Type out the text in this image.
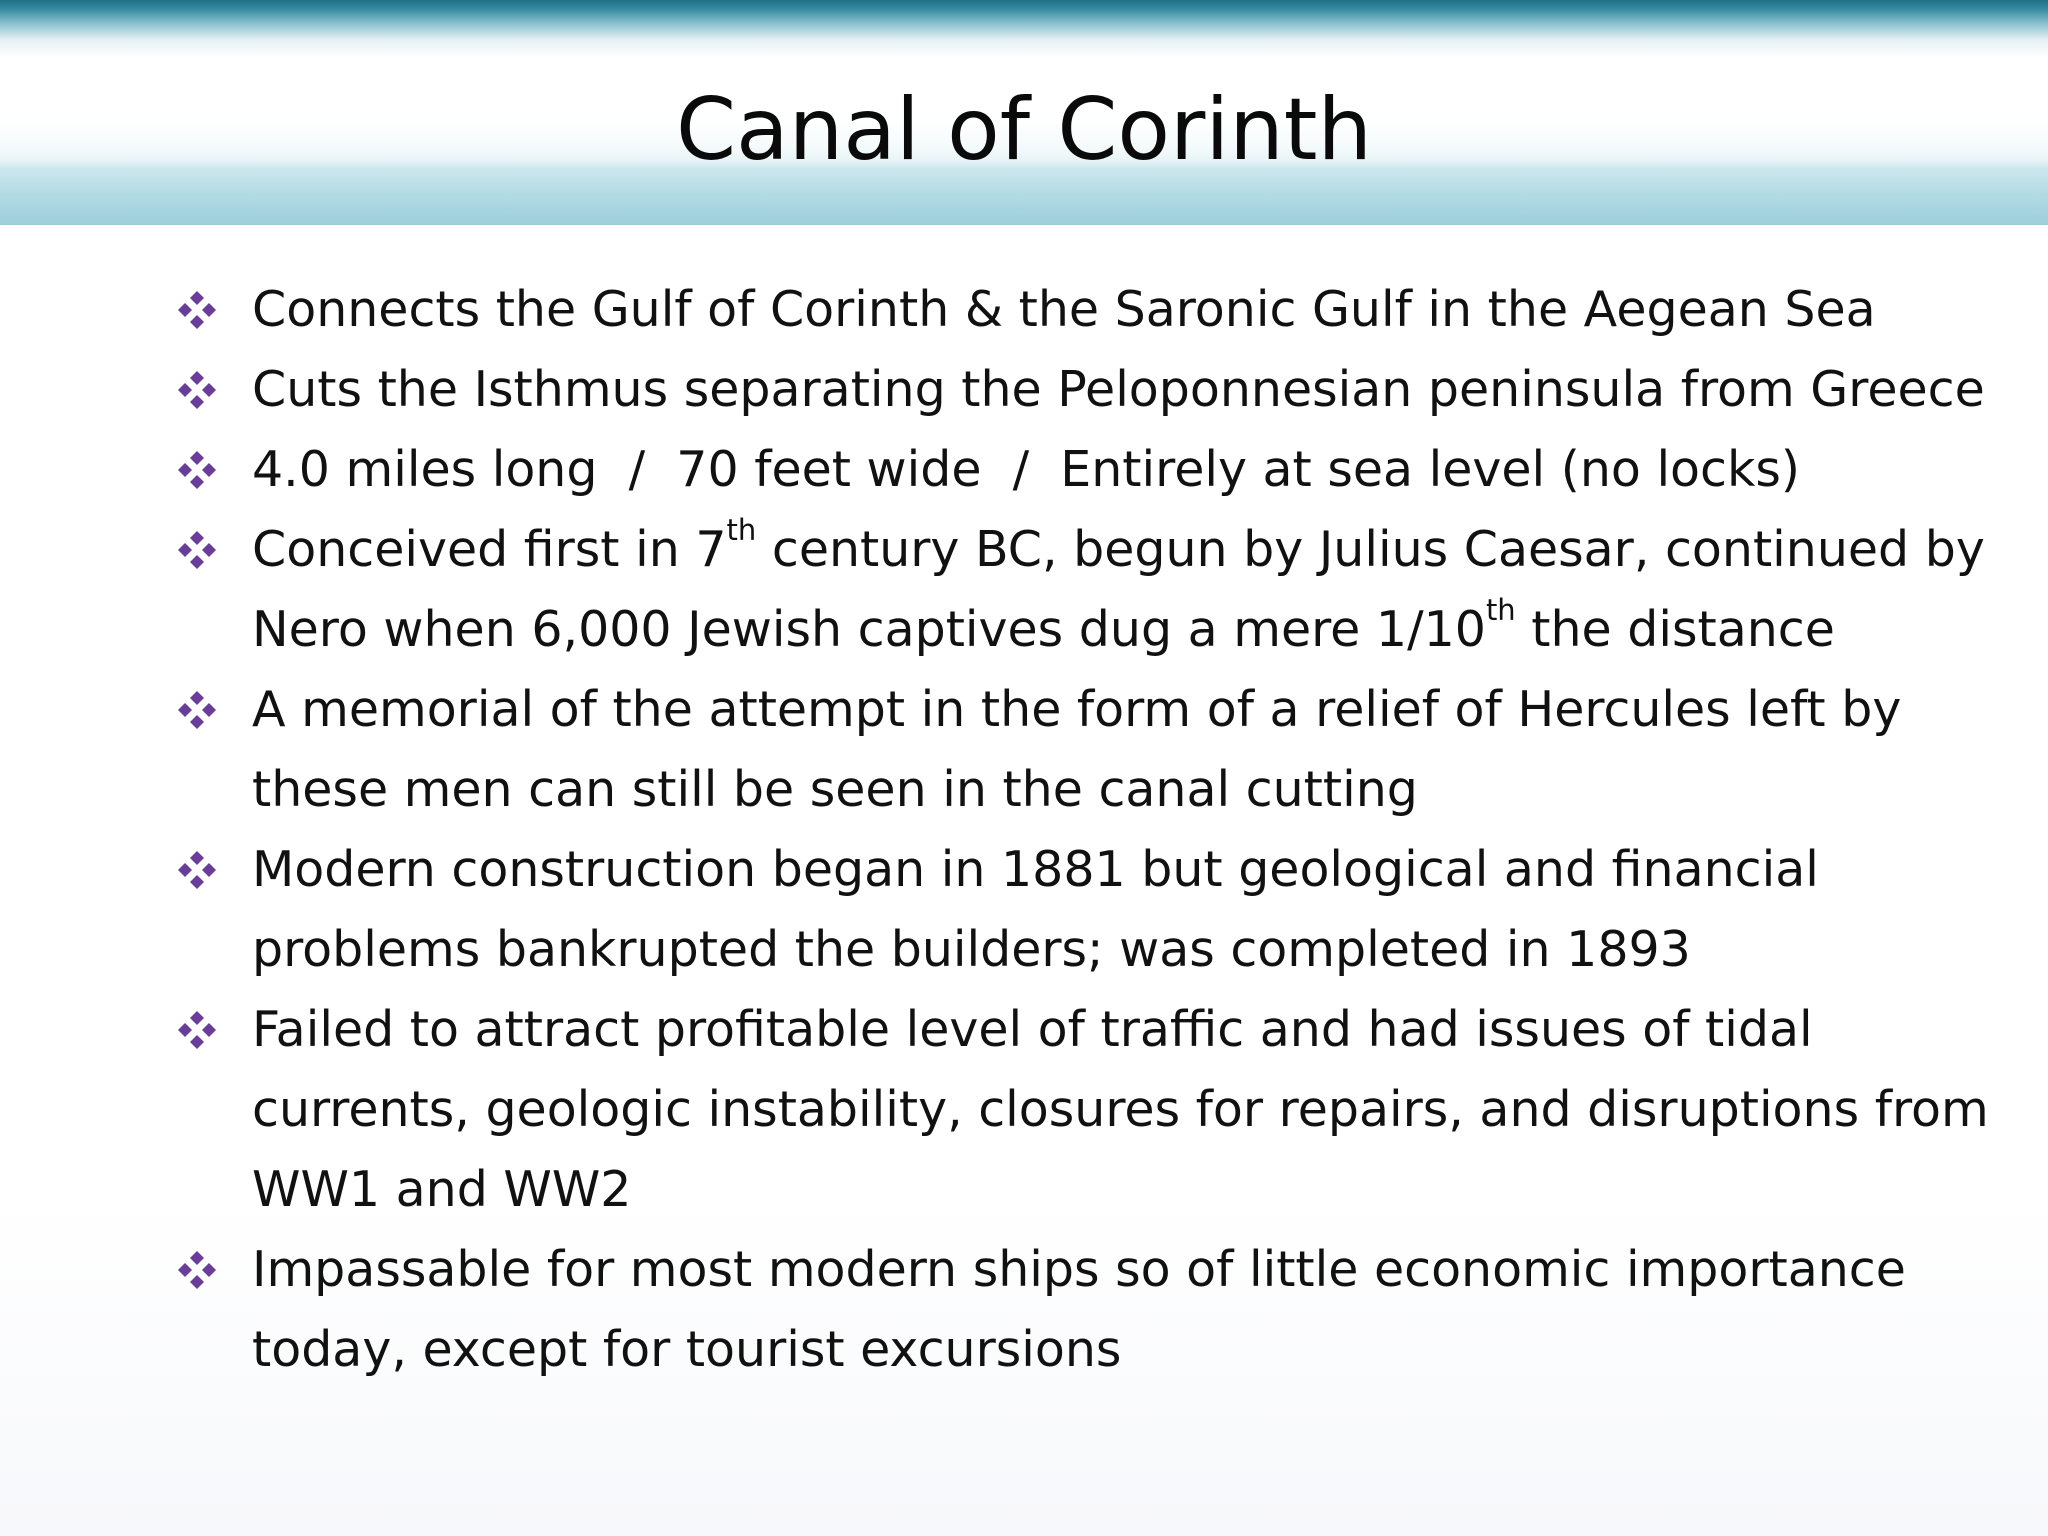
Canal of Corinth
Connects the Gulf of Corinth & the Saronic Gulf in the Aegean Sea
Cuts the Isthmus separating the Peloponnesian peninsula from Greece
4.0 miles long  /  70 feet wide  /  Entirely at sea level (no locks)
Conceived first in 7th century BC, begun by Julius Caesar, continued by Nero when 6,000 Jewish captives dug a mere 1/10th the distance
A memorial of the attempt in the form of a relief of Hercules left by these men can still be seen in the canal cutting
Modern construction began in 1881 but geological and financial problems bankrupted the builders; was completed in 1893
Failed to attract profitable level of traffic and had issues of tidal currents, geologic instability, closures for repairs, and disruptions from WW1 and WW2
Impassable for most modern ships so of little economic importance today, except for tourist excursions
